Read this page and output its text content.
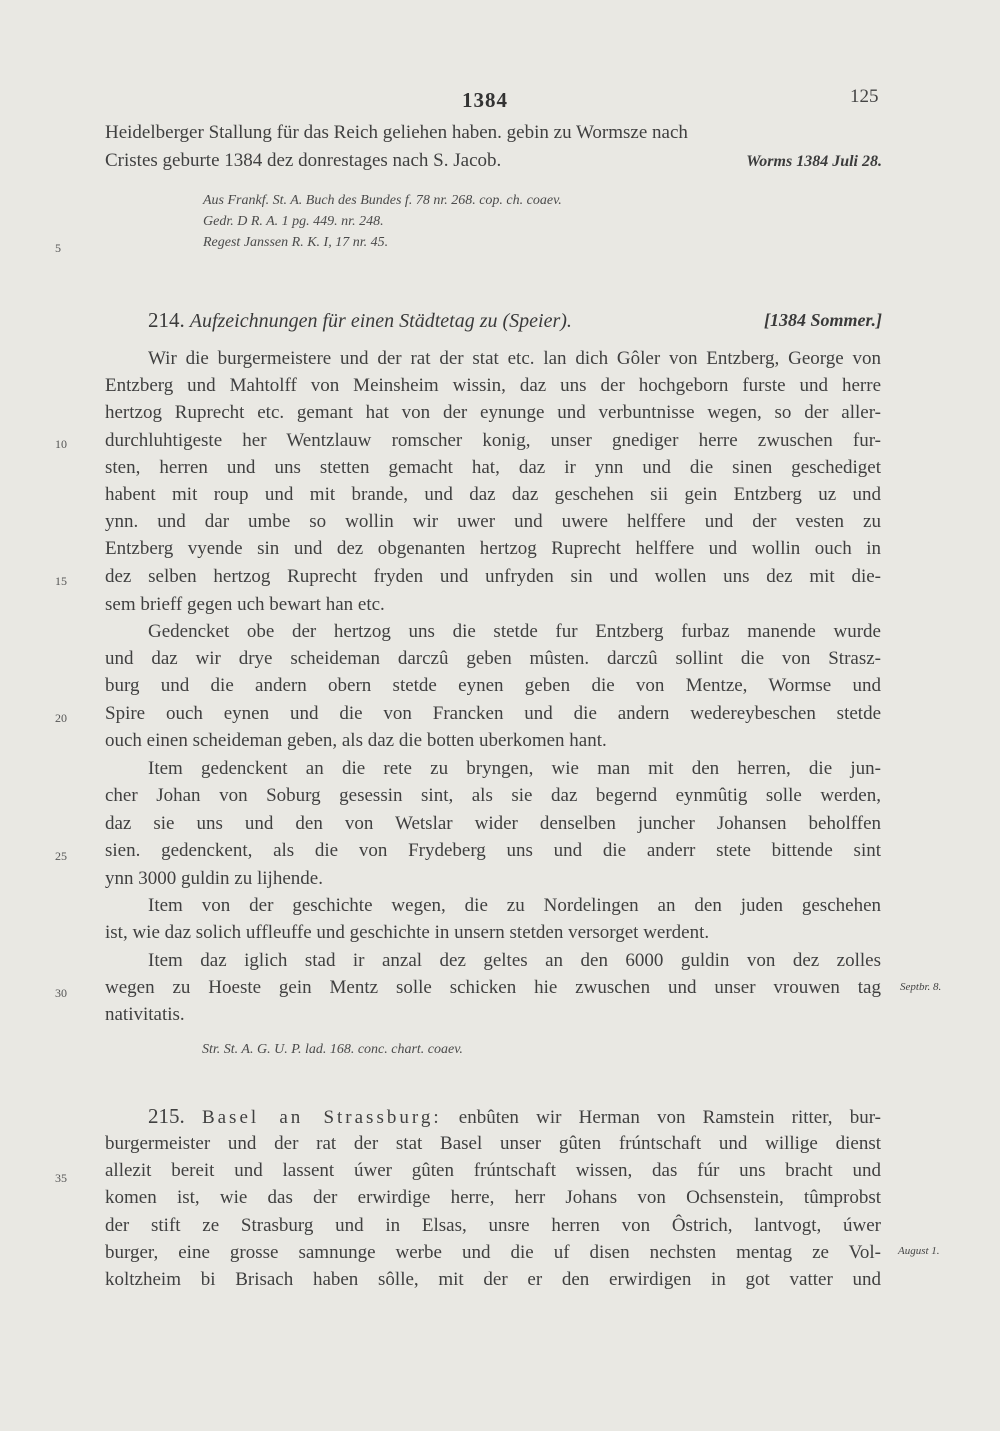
1384	125
Heidelberger Stallung für das Reich geliehen haben. gebin zu Wormsze nach
Cristes geburte 1384 dez donrestages nach S. Jacob.	Worms 1384 Juli 28.
Aus Frankf. St. A. Buch des Bundes f. 78 nr. 268. cop. ch. coaev.
Gedr. D R. A. 1 pg. 449. nr. 248.
Regest Janssen R. K. I, 17 nr. 45.
5
214. Aufzeichnungen für einen Städtetag zu (Speier).	[1384 Sommer.]
Wir die burgermeistere und der rat der stat etc. lan dich Gôler von Entzberg, George von
Entzberg und Mahtolff von Meinsheim wissin, daz uns der hochgeborn furste und herre
hertzog Ruprecht etc. gemant hat von der eynunge und verbuntnisse wegen, so der aller-
durchluhtigeste her Wentzlauw romscher konig, unser gnediger herre zwuschen fur-
10
sten, herren und uns stetten gemacht hat, daz ir ynn und die sinen geschediget
habent mit roup und mit brande, und daz daz geschehen sii gein Entzberg uz und
ynn. und dar umbe so wollin wir uwer und uwere helffere und der vesten zu
Entzberg vyende sin und dez obgenanten hertzog Ruprecht helffere und wollin ouch in
dez selben hertzog Ruprecht fryden und unfryden sin und wollen uns dez mit die-
15
sem brieff gegen uch bewart han etc.
Gedencket obe der hertzog uns die stetde fur Entzberg furbaz manende wurde
und daz wir drye scheideman darczû geben mûsten. darczû sollint die von Strasz-
burg und die andern obern stetde eynen geben die von Mentze, Wormse und
Spire ouch eynen und die von Francken und die andern wedereybeschen stetde
20
ouch einen scheideman geben, als daz die botten uberkomen hant.
Item gedenckent an die rete zu bryngen, wie man mit den herren, die jun-
cher Johan von Soburg gesessin sint, als sie daz begernd eynmûtig solle werden,
daz sie uns und den von Wetslar wider denselben juncher Johansen beholffen
sien. gedenckent, als die von Frydeberg uns und die anderr stete bittende sint
25
ynn 3000 guldin zu lijhende.
Item von der geschichte wegen, die zu Nordelingen an den juden geschehen
ist, wie daz solich uffleuffe und geschichte in unsern stetden versorget werdent.
Item daz iglich stad ir anzal dez geltes an den 6000 guldin von dez zolles
wegen zu Hoeste gein Mentz solle schicken hie zwuschen und unser vrouwen tag
30	Septbr. 8.
nativitatis.
Str. St. A. G. U. P. lad. 168. conc. chart. coaev.
215. Basel an Strassburg: enbûten wir Herman von Ramstein ritter, bur-
burgermeister und der rat der stat Basel unser gûten frúntschaft und willige dienst
allezit bereit und lassent úwer gûten frúntschaft wissen, das fúr uns bracht und
35
komen ist, wie das der erwirdige herre, herr Johans von Ochsenstein, tûmprobst
der stift ze Strasburg und in Elsas, unsre herren von Ôstrich, lantvogt, úwer
burger, eine grosse samnunge werbe und die uf disen nechsten mentag ze Vol- August 1.
koltzheim bi Brisach haben sôlle, mit der er den erwirdigen in got vatter und
